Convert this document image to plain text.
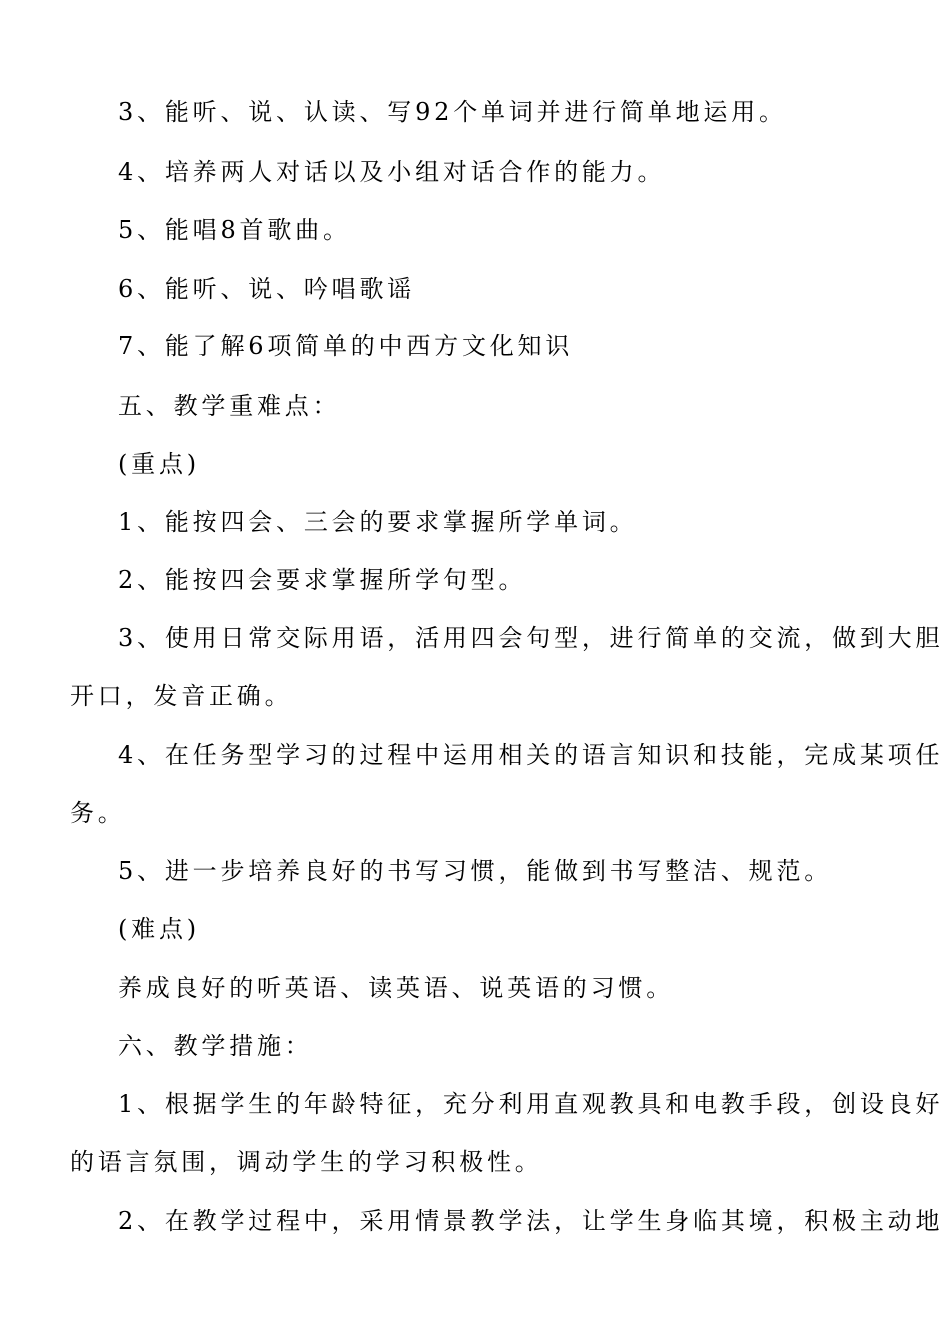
3、能听、说、认读、写92个单词并进行简单地运用。
4、培养两人对话以及小组对话合作的能力。
5、能唱8首歌曲。
6、能听、说、吟唱歌谣
7、能了解6项简单的中西方文化知识
五、教学重难点：
(重点)
1、能按四会、三会的要求掌握所学单词。
2、能按四会要求掌握所学句型。
3、使用日常交际用语，活用四会句型，进行简单的交流，做到大胆
开口，发音正确。
4、在任务型学习的过程中运用相关的语言知识和技能，完成某项任
务。
5、进一步培养良好的书写习惯，能做到书写整洁、规范。
(难点)
养成良好的听英语、读英语、说英语的习惯。
六、教学措施：
1、根据学生的年龄特征，充分利用直观教具和电教手段，创设良好
的语言氛围，调动学生的学习积极性。
2、在教学过程中，采用情景教学法，让学生身临其境，积极主动地
